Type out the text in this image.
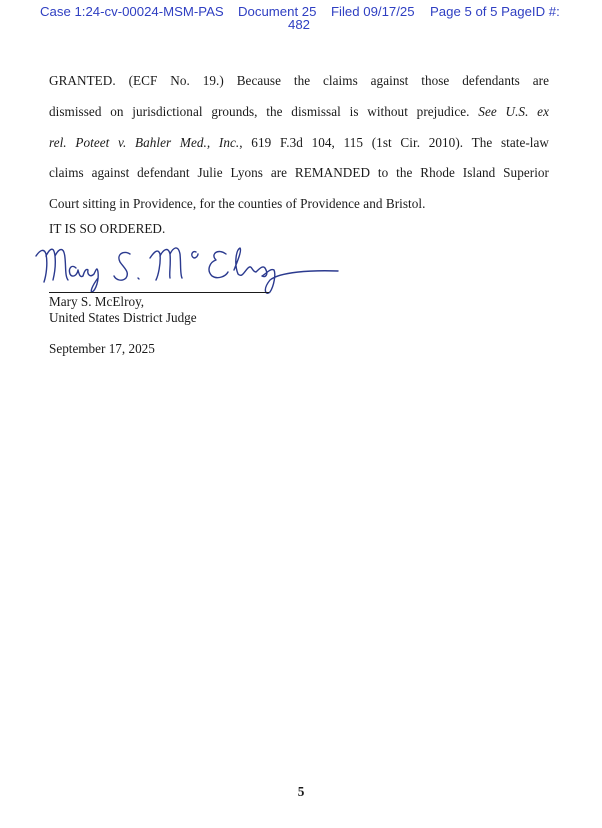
Case 1:24-cv-00024-MSM-PAS Document 25
482
Filed 09/17/25 Page 5 of 5 PageID #:
GRANTED. (ECF No. 19.) Because the claims against those defendants are
dismissed on jurisdictional grounds, the dismissal is without prejudice. See U.S. ex
rel. Poteet v. Bahler Med., Inc., 619 F.3d 104, 115 (1st Cir. 2010). The state-law
claims against defendant Julie Lyons are REMANDED to the Rhode Island Superior
Court sitting in Providence, for the counties of Providence and Bristol.
IT IS SO ORDERED.
Mary S. McElroy,
United States District Judge
September 17, 2025
5
